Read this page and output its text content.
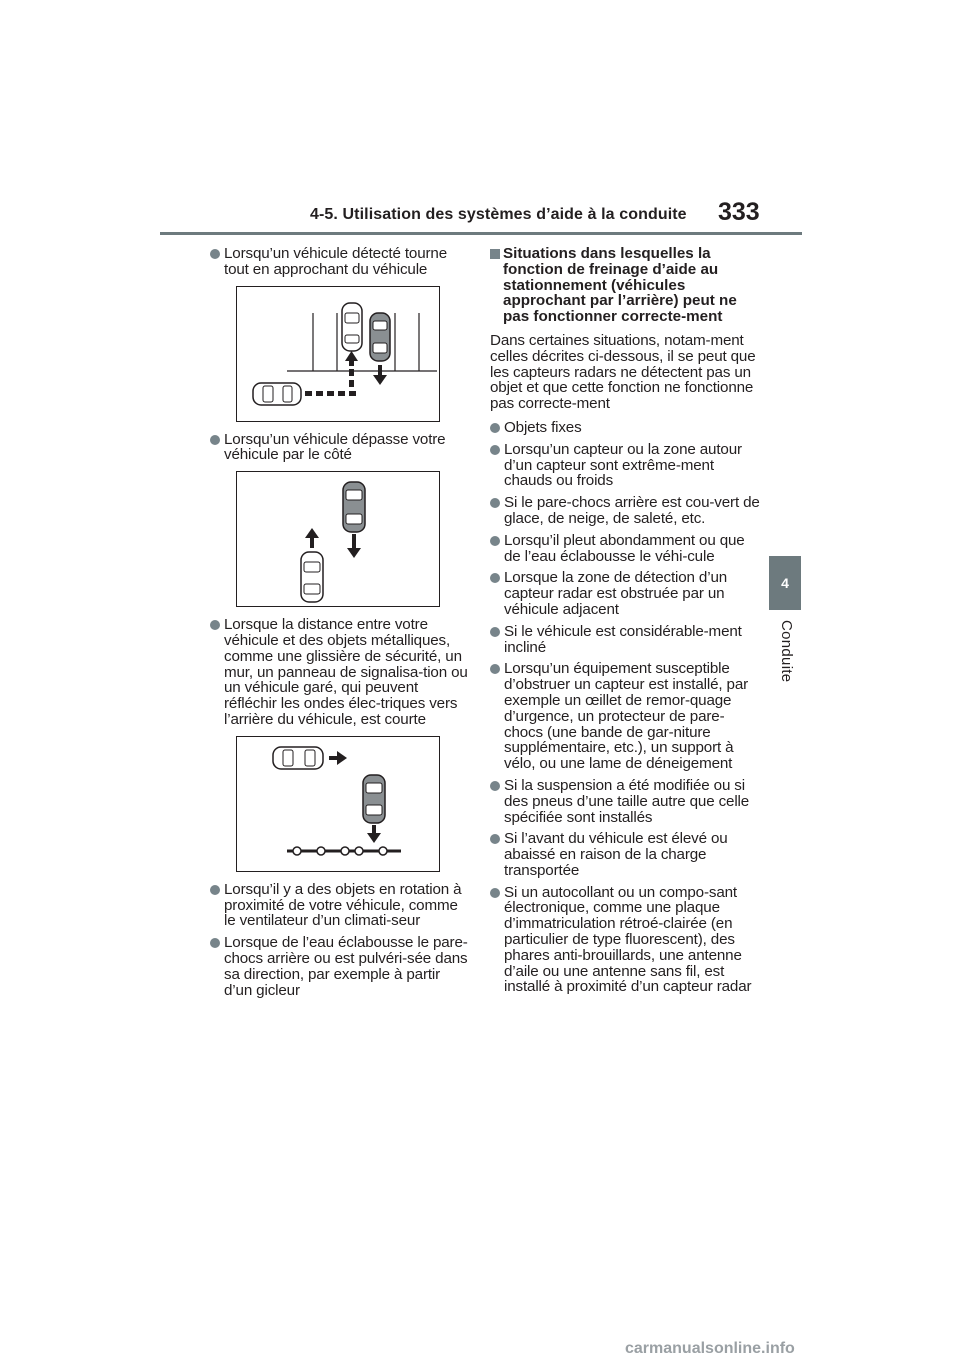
4-5. Utilisation des systèmes d’aide à la conduite 333
4
Conduite
Lorsqu’un véhicule détecté tourne tout en approchant du véhicule
Lorsqu’un véhicule dépasse votre véhicule par le côté
Lorsque la distance entre votre véhicule et des objets métalliques, comme une glissière de sécurité, un mur, un panneau de signalisa-tion ou un véhicule garé, qui peuvent réfléchir les ondes élec-triques vers l’arrière du véhicule, est courte
Lorsqu’il y a des objets en rotation à proximité de votre véhicule, comme le ventilateur d’un climati-seur
Lorsque de l’eau éclabousse le pare-chocs arrière ou est pulvéri-sée dans sa direction, par exemple à partir d’un gicleur
Situations dans lesquelles la fonction de freinage d’aide au stationnement (véhicules approchant par l’arrière) peut ne pas fonctionner correcte-ment
Dans certaines situations, notam-ment celles décrites ci-dessous, il se peut que les capteurs radars ne détectent pas un objet et que cette fonction ne fonctionne pas correcte-ment
Objets fixes
Lorsqu’un capteur ou la zone autour d’un capteur sont extrême-ment chauds ou froids
Si le pare-chocs arrière est cou-vert de glace, de neige, de saleté, etc.
Lorsqu’il pleut abondamment ou que de l’eau éclabousse le véhi-cule
Lorsque la zone de détection d’un capteur radar est obstruée par un véhicule adjacent
Si le véhicule est considérable-ment incliné
Lorsqu’un équipement susceptible d’obstruer un capteur est installé, par exemple un œillet de remor-quage d’urgence, un protecteur de pare-chocs (une bande de gar-niture supplémentaire, etc.), un support à vélo, ou une lame de déneigement
Si la suspension a été modifiée ou si des pneus d’une taille autre que celle spécifiée sont installés
Si l’avant du véhicule est élevé ou abaissé en raison de la charge transportée
Si un autocollant ou un compo-sant électronique, comme une plaque d’immatriculation rétroé-clairée (en particulier de type fluorescent), des phares anti-brouillards, une antenne d’aile ou une antenne sans fil, est installé à proximité d’un capteur radar
carmanualsonline.info
